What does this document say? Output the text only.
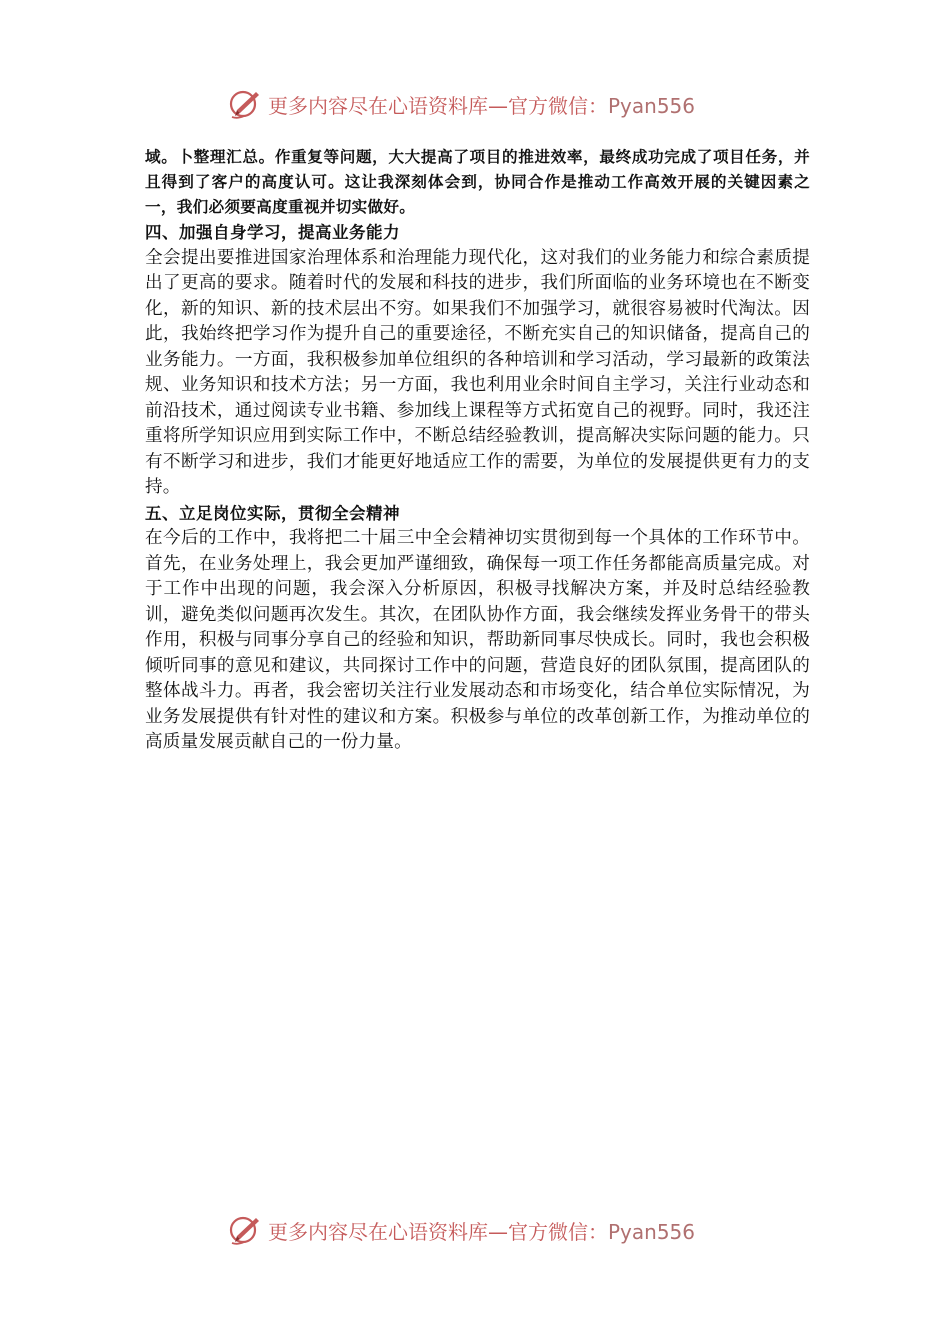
更多内容尽在心语资料库—官方微信：Pyan556

域。卜整理汇总。作重复等问题，大大提高了项目的推进效率，最终成功完成了项目任务，并且得到了客户的高度认可。这让我深刻体会到，协同合作是推动工作高效开展的关键因素之一，我们必须要高度重视并切实做好。

四、加强自身学习，提高业务能力

全会提出要推进国家治理体系和治理能力现代化，这对我们的业务能力和综合素质提出了更高的要求。随着时代的发展和科技的进步，我们所面临的业务环境也在不断变化，新的知识、新的技术层出不穷。如果我们不加强学习，就很容易被时代淘汰。因此，我始终把学习作为提升自己的重要途径，不断充实自己的知识储备，提高自己的业务能力。一方面，我积极参加单位组织的各种培训和学习活动，学习最新的政策法规、业务知识和技术方法；另一方面，我也利用业余时间自主学习，关注行业动态和前沿技术，通过阅读专业书籍、参加线上课程等方式拓宽自己的视野。同时，我还注重将所学知识应用到实际工作中，不断总结经验教训，提高解决实际问题的能力。只有不断学习和进步，我们才能更好地适应工作的需要，为单位的发展提供更有力的支持。

五、立足岗位实际，贯彻全会精神

在今后的工作中，我将把二十届三中全会精神切实贯彻到每一个具体的工作环节中。首先，在业务处理上，我会更加严谨细致，确保每一项工作任务都能高质量完成。对于工作中出现的问题，我会深入分析原因，积极寻找解决方案，并及时总结经验教训，避免类似问题再次发生。其次，在团队协作方面，我会继续发挥业务骨干的带头作用，积极与同事分享自己的经验和知识，帮助新同事尽快成长。同时，我也会积极倾听同事的意见和建议，共同探讨工作中的问题，营造良好的团队氛围，提高团队的整体战斗力。再者，我会密切关注行业发展动态和市场变化，结合单位实际情况，为业务发展提供有针对性的建议和方案。积极参与单位的改革创新工作，为推动单位的高质量发展贡献自己的一份力量。

更多内容尽在心语资料库—官方微信：Pyan556
